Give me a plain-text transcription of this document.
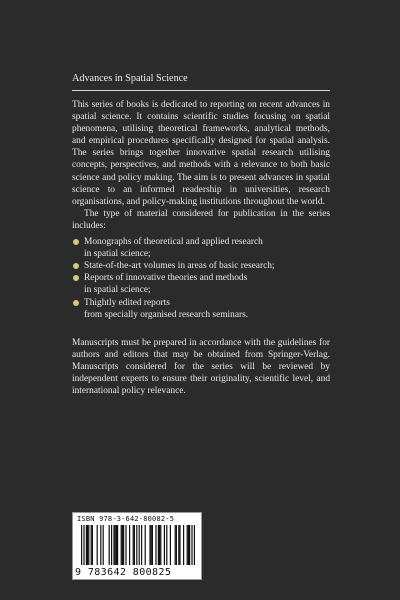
Advances in Spatial Science

This series of books is dedicated to reporting on recent advances in spatial science. It contains scientific studies focusing on spatial phenomena, utilising theoretical frameworks, analytical methods, and empirical procedures specifically designed for spatial analysis. The series brings together innovative spatial research utilising concepts, perspectives, and methods with a relevance to both basic science and policy making. The aim is to present advances in spatial science to an informed readership in universities, research organisations, and policy-making institutions throughout the world.

The type of material considered for publication in the series includes:

Monographs of theoretical and applied research
in spatial science;
State-of-the-art volumes in areas of basic research;
Reports of innovative theories and methods
in spatial science;
Thightly edited reports
from specially organised research seminars.

Manuscripts must be prepared in accordance with the guidelines for authors and editors that may be obtained from Springer-Verlag. Manuscripts considered for the series will be reviewed by independent experts to ensure their originality, scientific level, and international policy relevance.

ISBN 978-3-642-80082-5
9 783642 800825
